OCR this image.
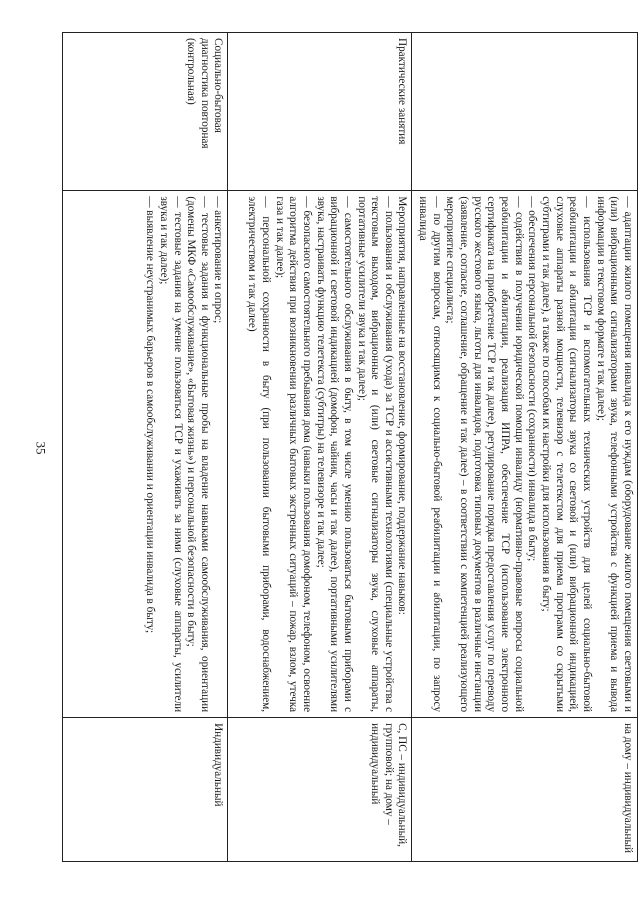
35

	— адаптации жилого помещения инвалида к его нуждам (оборудование жилого помещения световыми и (или) вибрационными сигнализаторами звука, телефонными устройства с функцией приема и вывода информации в текстовом формате и так далее);
— использования ТСР и вспомогательных технических устройств для целей социально-бытовой реабилитации и абилитации (сигнализаторы звука со световой и (или) вибрационной индикацией, слуховые аппараты разной мощности, телевизор с телетекстом для приема программ со скрытыми субтитрами и так далее), а также по способам их настройки для использования в быту;
— обеспечения персональной безопасности (сохранности) инвалида в быту;
— содействия в получении юридической помощи инвалиду (нормативно-правовые вопросы социальной реабилитации и абилитации, реализация ИПРА, обеспечение ТСР (использование электронного сертификата на приобретение ТСР и так далее), регулирование порядка предоставления услуг по переводу русского жестового языка, льготы для инвалидов, подготовка типовых документов в различные инстанции (заявление, согласие, соглашение, обращение и так далее) – в соответствии с компетенцией реализующего мероприятие специалиста;
— по другим вопросам, относящимся к социально-бытовой реабилитации и абилитации, по запросу инвалида	на дому – индивидуальный
Практические занятия	Мероприятия, направленные на восстановление, формирование, поддержание навыков:
— пользования и обслуживания (ухода) за ТСР и ассистивными технологиями (специальные устройства с текстовым выходом, вибрационные и (или) световые сигнализаторы звука, слуховые аппараты, портативные усилители звука и так далее);
— самостоятельного обслуживания в быту, в том числе умению пользоваться бытовыми приборами с вибрационной и световой индикацией (домофон, чайник, часы и так далее), портативными усилителями звука, настраивать функцию телетекста (субтитры) на телевизоре и так далее;
— безопасного самостоятельного пребывания дома (навыки пользования домофоном, телефоном, освоение алгоритма действия при возникновении различных бытовых экстренных ситуаций – пожар, взлом, утечка газа и так далее);
— персональной сохранности в быту (при пользовании бытовыми приборами, водоснабжением, электричеством и так далее)	С, ПС – индивидуальный, групповой; на дому – индивидуальный
Социально-бытовая диагностика повторная (контрольная)	— анкетирование и опрос;
— тестовые задания и функциональные пробы на владение навыками самообслуживания, ориентации (домены МКФ «Самообслуживание», «Бытовая жизнь») и персональной безопасности в быту;
— тестовые задания на умение пользоваться ТСР и ухаживать за ними (слуховые аппараты, усилители звука и так далее);
— выявление неустранимых барьеров в самообслуживании и ориентации инвалида в быту;	Индивидуальный
